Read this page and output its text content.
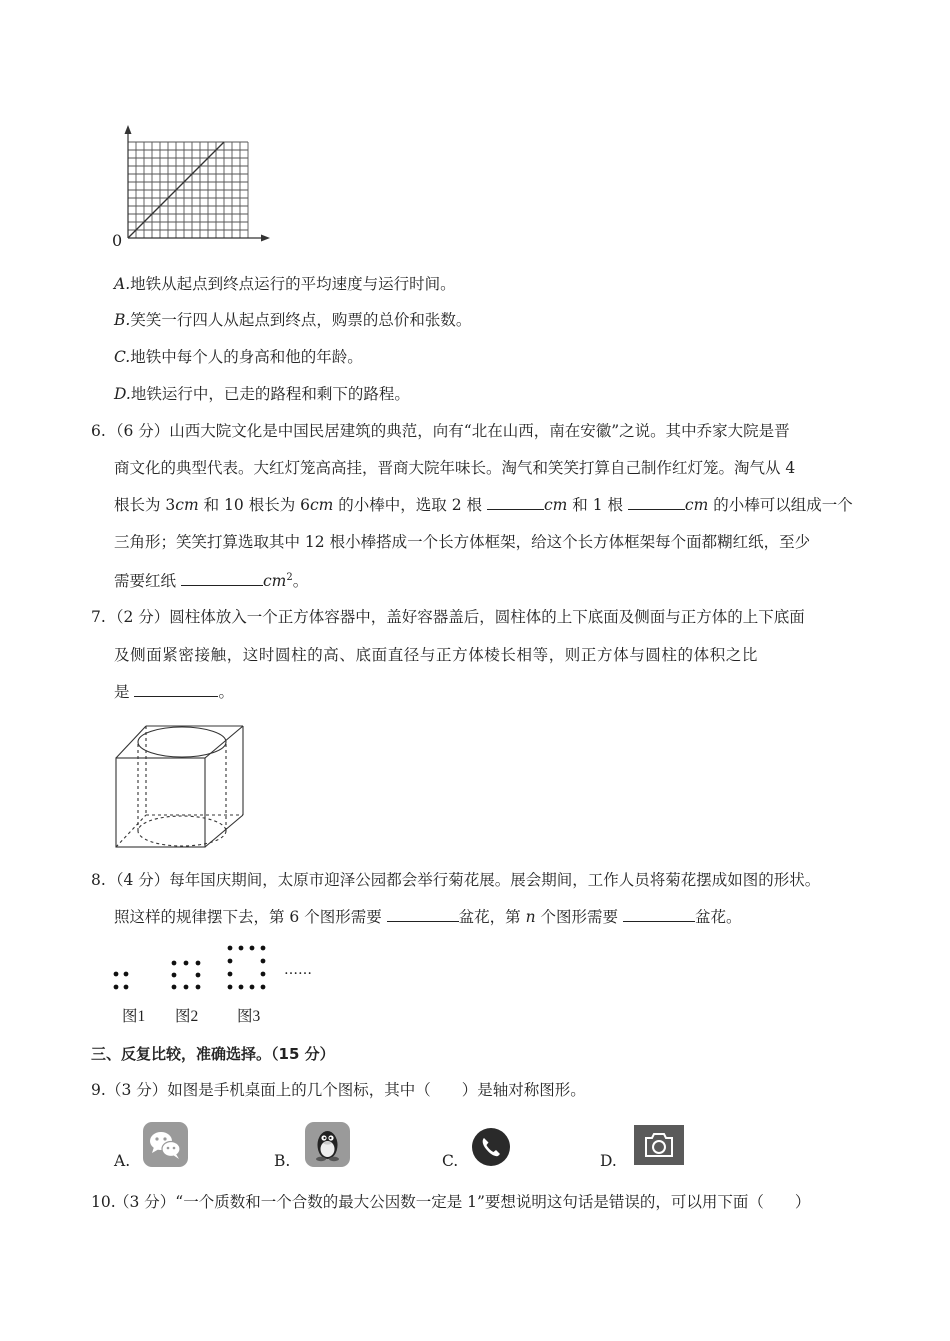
0
A.地铁从起点到终点运行的平均速度与运行时间。
B.笑笑一行四人从起点到终点，购票的总价和张数。
C.地铁中每个人的身高和他的年龄。
D.地铁运行中，已走的路程和剩下的路程。
6. （6 分）山西大院文化是中国民居建筑的典范，向有“北在山西，南在安徽”之说。其中乔家大院是晋
商文化的典型代表。大红灯笼高高挂，晋商大院年味长。淘气和笑笑打算自己制作红灯笼。淘气从 4
根长为 3cm 和 10 根长为 6cm 的小棒中，选取 2 根	cm 和 1 根	cm 的小棒可以组成一个
三角形；笑笑打算选取其中 12 根小棒搭成一个长方体框架，给这个长方体框架每个面都糊红纸，至少
需要红纸	$cm^2$。
7. （2 分）圆柱体放入一个正方体容器中，盖好容器盖后，圆柱体的上下底面及侧面与正方体的上下底面
及侧面紧密接触，这时圆柱的高、底面直径与正方体棱长相等，则正方体与圆柱的体积之比
是	。
8. （4 分）每年国庆期间，太原市迎泽公园都会举行菊花展。展会期间，工作人员将菊花摆成如图的形状。
照这样的规律摆下去，第 6 个图形需要	盆花，第 n 个图形需要	盆花。
……
图1 图2 图3
三、反复比较，准确选择。（15 分）
9. （3 分）如图是手机桌面上的几个图标，其中（　　）是轴对称图形。
A.	B.	C.	D.
10.
（3 分）“一个质数和一个合数的最大公因数一定是 1”要想说明这句话是错误的，可以用下面（　　）
